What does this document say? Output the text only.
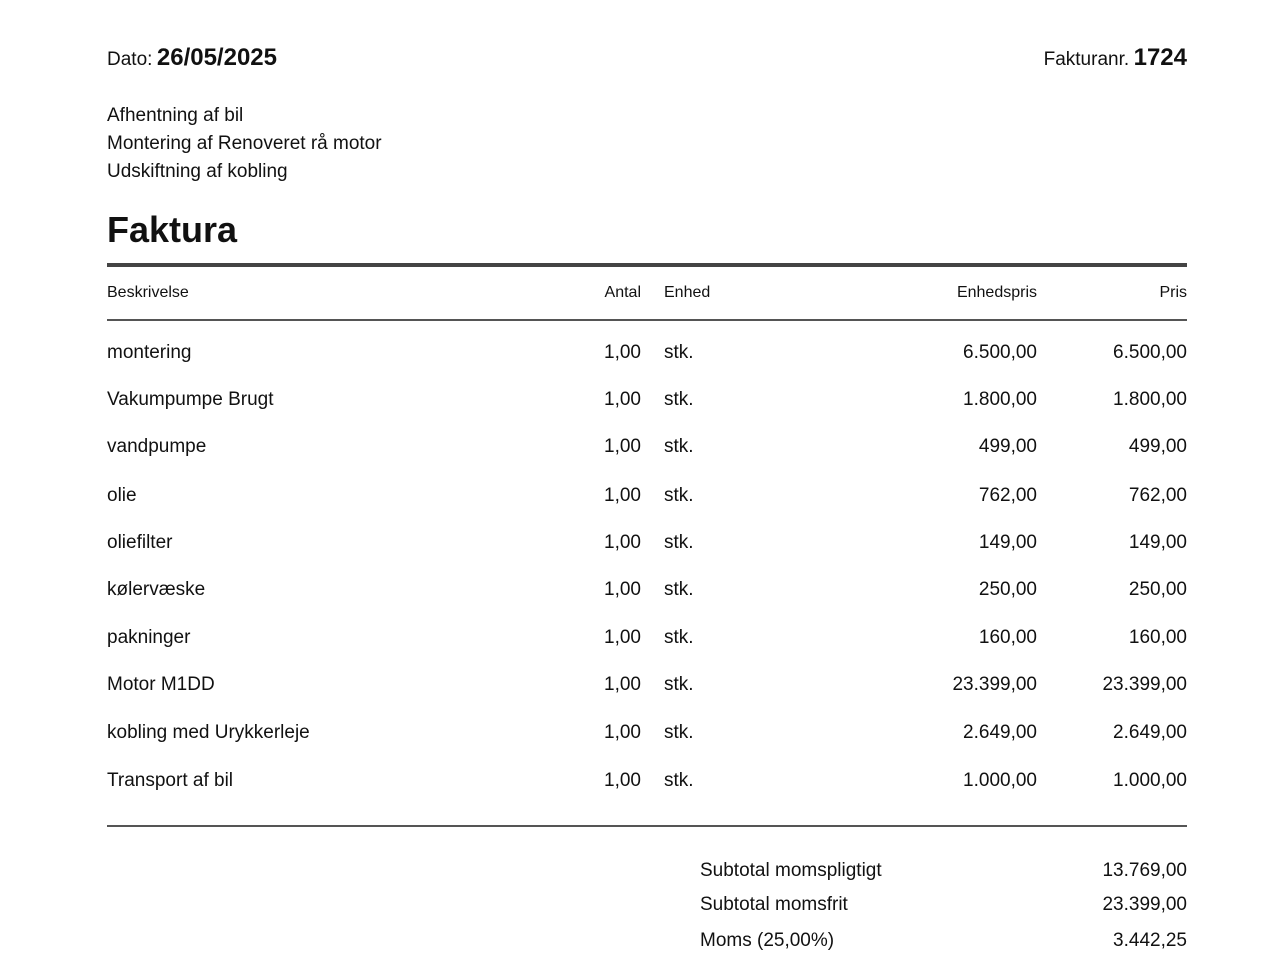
Dato: 26/05/2025	Fakturanr. 1724
Afhentning af bil
Montering af Renoveret rå motor
Udskiftning af kobling
Faktura
Beskrivelse	Antal Enhed	Enhedspris	Pris
montering	1,00 stk.	6.500,00	6.500,00
Vakumpumpe Brugt	1,00 stk.	1.800,00	1.800,00
vandpumpe	1,00 stk.	499,00	499,00
olie	1,00 stk.	762,00	762,00
oliefilter	1,00 stk.	149,00	149,00
kølervæske	1,00 stk.	250,00	250,00
pakninger	1,00 stk.	160,00	160,00
Motor M1DD	1,00 stk.	23.399,00	23.399,00
kobling med Urykkerleje	1,00 stk.	2.649,00	2.649,00
Transport af bil	1,00 stk.	1.000,00	1.000,00
Subtotal momspligtigt	13.769,00
Subtotal momsfrit	23.399,00
Moms (25,00%)	3.442,25
